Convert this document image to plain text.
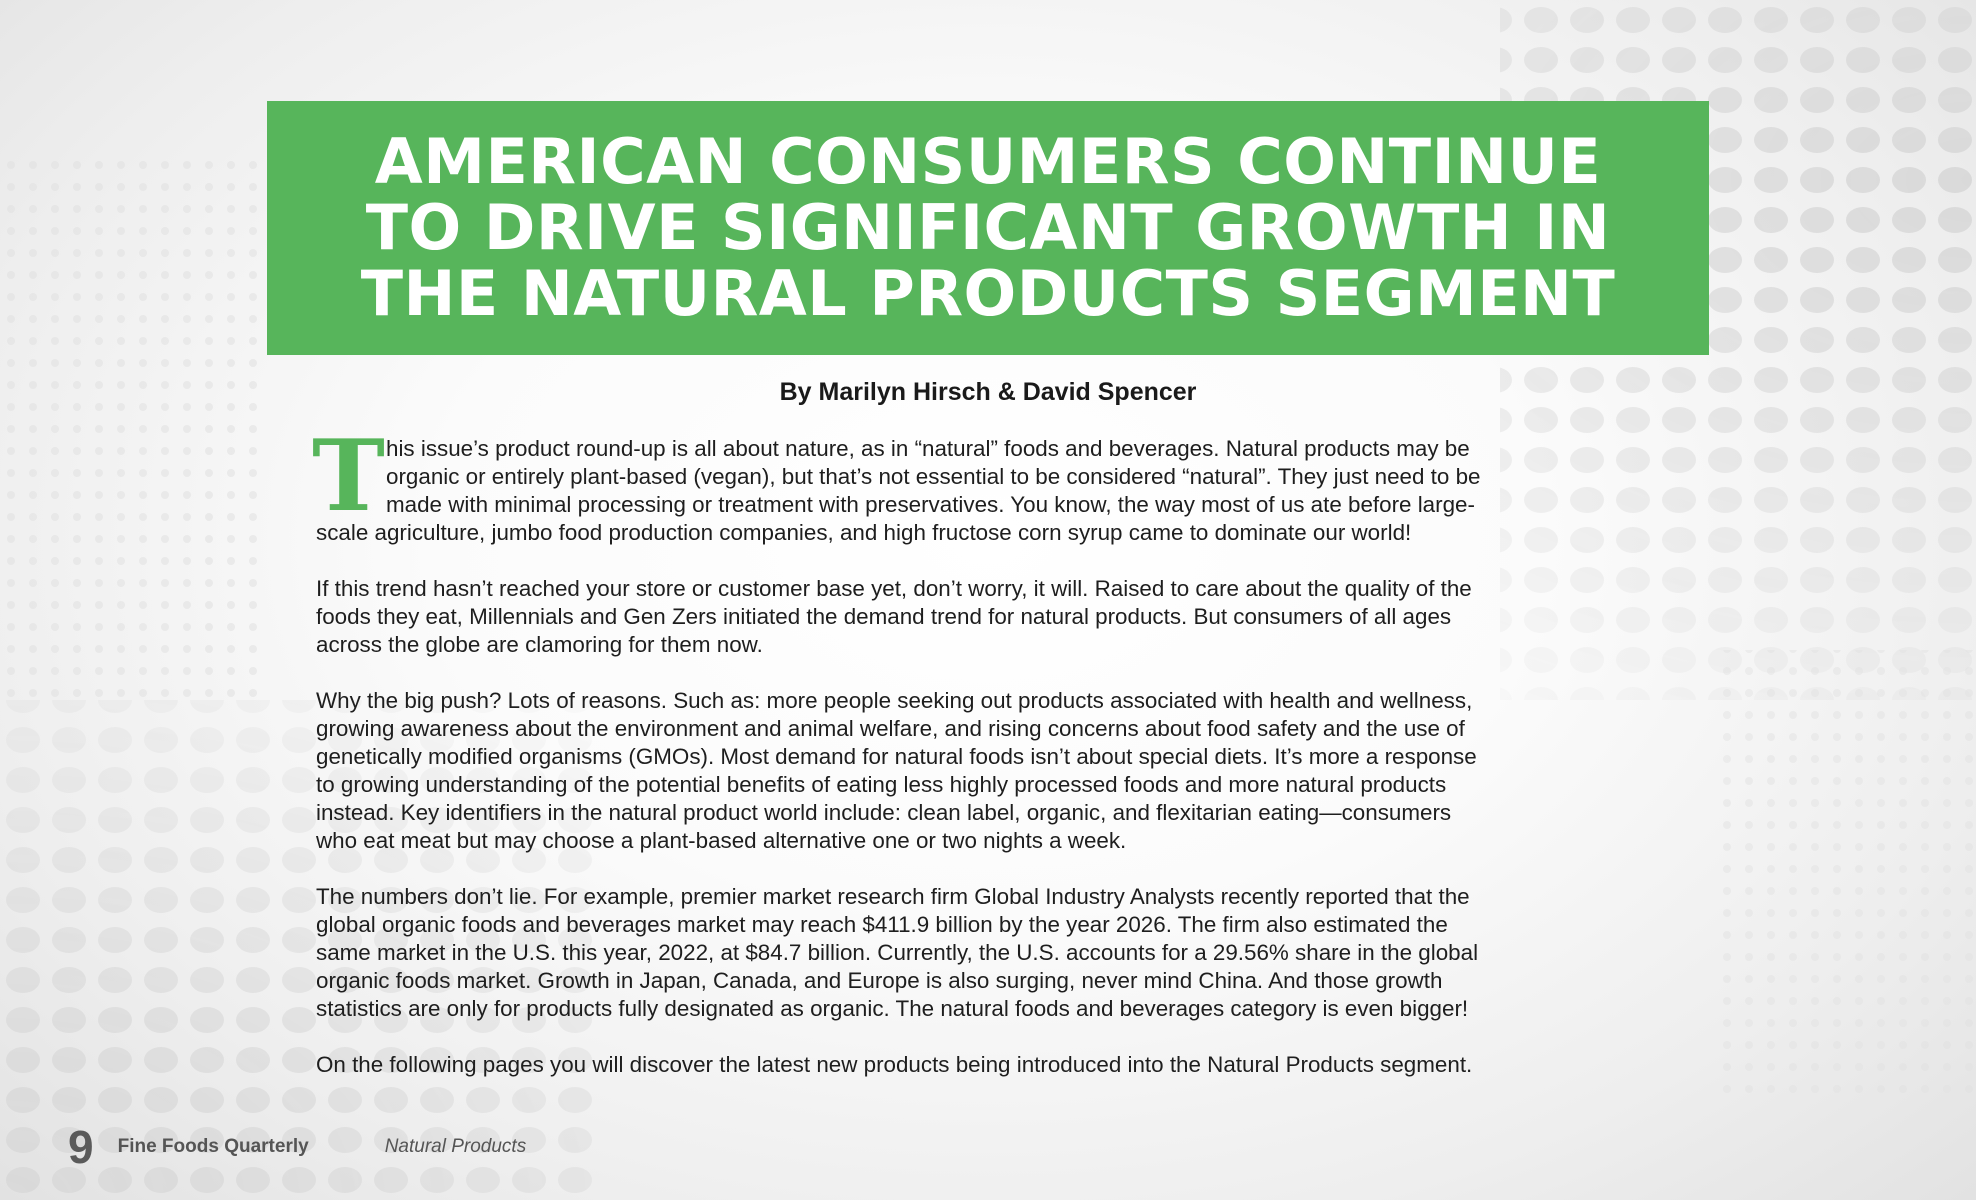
AMERICAN CONSUMERS CONTINUE
TO DRIVE SIGNIFICANT GROWTH IN
THE NATURAL PRODUCTS SEGMENT
By Marilyn Hirsch & David Spencer
T his issue’s product round-up is all about nature, as in “natural” foods and beverages. Natural products may be
organic or entirely plant-based (vegan), but that’s not essential to be considered “natural”. They just need to be
made with minimal processing or treatment with preservatives. You know, the way most of us ate before large-
scale agriculture, jumbo food production companies, and high fructose corn syrup came to dominate our world!
If this trend hasn’t reached your store or customer base yet, don’t worry, it will. Raised to care about the quality of the
foods they eat, Millennials and Gen Zers initiated the demand trend for natural products. But consumers of all ages
across the globe are clamoring for them now.
Why the big push? Lots of reasons. Such as: more people seeking out products associated with health and wellness,
growing awareness about the environment and animal welfare, and rising concerns about food safety and the use of
genetically modified organisms (GMOs). Most demand for natural foods isn’t about special diets. It’s more a response
to growing understanding of the potential benefits of eating less highly processed foods and more natural products
instead. Key identifiers in the natural product world include: clean label, organic, and flexitarian eating—consumers
who eat meat but may choose a plant-based alternative one or two nights a week.
The numbers don’t lie. For example, premier market research firm Global Industry Analysts recently reported that the
global organic foods and beverages market may reach $411.9 billion by the year 2026. The firm also estimated the
same market in the U.S. this year, 2022, at $84.7 billion. Currently, the U.S. accounts for a 29.56% share in the global
organic foods market. Growth in Japan, Canada, and Europe is also surging, never mind China. And those growth
statistics are only for products fully designated as organic. The natural foods and beverages category is even bigger!
On the following pages you will discover the latest new products being introduced into the Natural Products segment.
9 Fine Foods Quarterly	Natural Products
